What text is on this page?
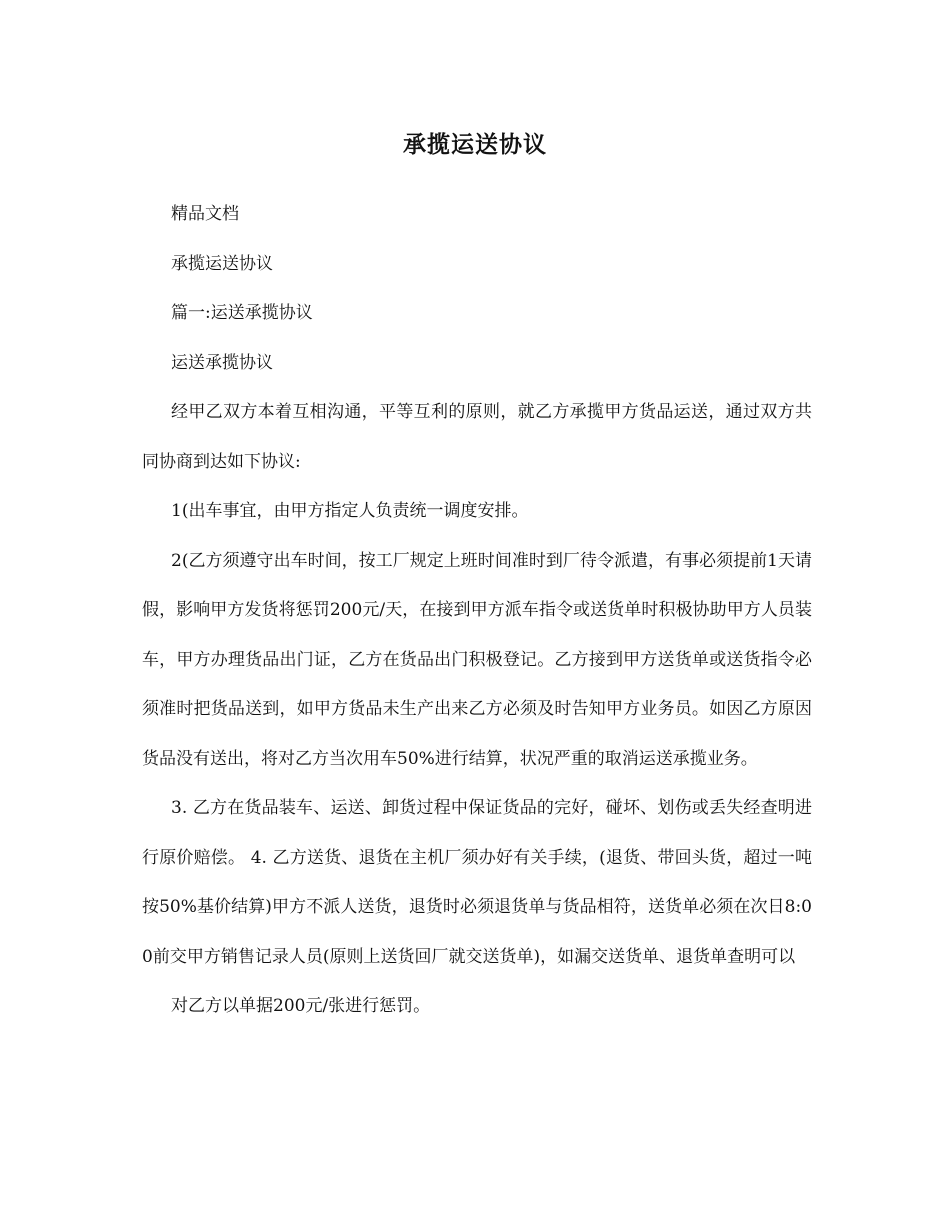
承揽运送协议

精品文档

承揽运送协议

篇一:运送承揽协议

运送承揽协议

经甲乙双方本着互相沟通，平等互利的原则，就乙方承揽甲方货品运送，通过双方共同协商到达如下协议:

1(出车事宜，由甲方指定人负责统一调度安排。

2(乙方须遵守出车时间，按工厂规定上班时间准时到厂待令派遣，有事必须提前1天请假，影响甲方发货将惩罚200元/天，在接到甲方派车指令或送货单时积极协助甲方人员装车，甲方办理货品出门证，乙方在货品出门积极登记。乙方接到甲方送货单或送货指令必须准时把货品送到，如甲方货品未生产出来乙方必须及时告知甲方业务员。如因乙方原因货品没有送出，将对乙方当次用车50%进行结算，状况严重的取消运送承揽业务。

3. 乙方在货品装车、运送、卸货过程中保证货品的完好，碰坏、划伤或丢失经查明进行原价赔偿。 4. 乙方送货、退货在主机厂须办好有关手续，(退货、带回头货，超过一吨按50%基价结算)甲方不派人送货，退货时必须退货单与货品相符，送货单必须在次日8:00前交甲方销售记录人员(原则上送货回厂就交送货单)，如漏交送货单、退货单查明可以

对乙方以单据200元/张进行惩罚。
